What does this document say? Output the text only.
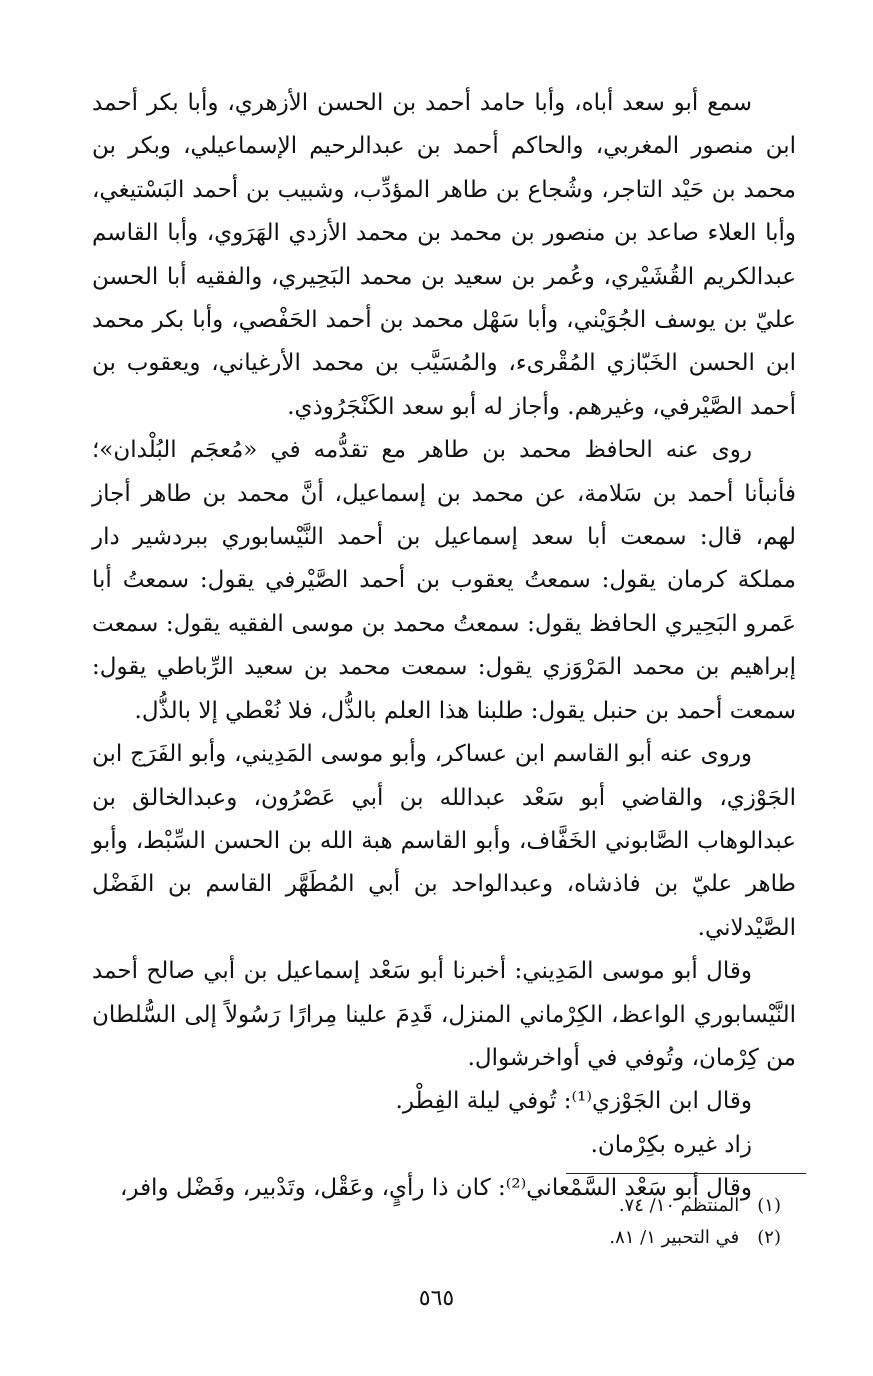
سمع أبو سعد أباه، وأبا حامد أحمد بن الحسن الأزهري، وأبا بكر أحمد ابن منصور المغربي، والحاكم أحمد بن عبدالرحيم الإسماعيلي، وبكر بن محمد بن حَيْد التاجر، وشُجاع بن طاهر المؤدِّب، وشبيب بن أحمد البَسْتيغي، وأبا العلاء صاعد بن منصور بن محمد بن محمد الأزدي الهَرَوي، وأبا القاسم عبدالكريم القُشَيْري، وعُمر بن سعيد بن محمد البَحِيري، والفقيه أبا الحسن عليّ بن يوسف الجُوَيْني، وأبا سَهْل محمد بن أحمد الحَفْصي، وأبا بكر محمد ابن الحسن الخَبّازي المُقْرىء، والمُسَيَّب بن محمد الأرغياني، ويعقوب بن أحمد الصَّيْرفي، وغيرهم. وأجاز له أبو سعد الكَنْجَرُوذي.

روى عنه الحافظ محمد بن طاهر مع تقدُّمه في «مُعجَم البُلْدان»؛ فأنبأنا أحمد بن سَلامة، عن محمد بن إسماعيل، أنَّ محمد بن طاهر أجاز لهم، قال: سمعت أبا سعد إسماعيل بن أحمد النَّيْسابوري ببردشير دار مملكة كرمان يقول: سمعتُ يعقوب بن أحمد الصَّيْرفي يقول: سمعتُ أبا عَمرو البَحِيري الحافظ يقول: سمعتُ محمد بن موسى الفقيه يقول: سمعت إبراهيم بن محمد المَرْوَزي يقول: سمعت محمد بن سعيد الرِّباطي يقول: سمعت أحمد بن حنبل يقول: طلبنا هذا العلم بالذُّل، فلا نُعْطي إلا بالذُّل.

وروى عنه أبو القاسم ابن عساكر، وأبو موسى المَدِيني، وأبو الفَرَج ابن الجَوْزي، والقاضي أبو سَعْد عبدالله بن أبي عَصْرُون، وعبدالخالق بن عبدالوهاب الصَّابوني الخَفَّاف، وأبو القاسم هبة الله بن الحسن السِّبْط، وأبو طاهر عليّ بن فاذشاه، وعبدالواحد بن أبي المُطَهَّر القاسم بن الفَضْل الصَّيْدلاني.

وقال أبو موسى المَدِيني: أخبرنا أبو سَعْد إسماعيل بن أبي صالح أحمد النَّيْسابوري الواعظ، الكِرْماني المنزل، قَدِمَ علينا مِرارًا رَسُولاً إلى السُّلطان من كِرْمان، وتُوفي في أواخرشوال.

وقال ابن الجَوْزي⁽¹⁾: تُوفي ليلة الفِطْر.

زاد غيره بكِرْمان.

وقال أبو سَعْد السَّمْعاني⁽²⁾: كان ذا رأيٍ، وعَقْل، وتَدْبير، وفَضْل وافر،

(١)
المنتظم ١٠/ ٧٤.
(٢)
في التحبير ١/ ٨١.
٥٦٥
